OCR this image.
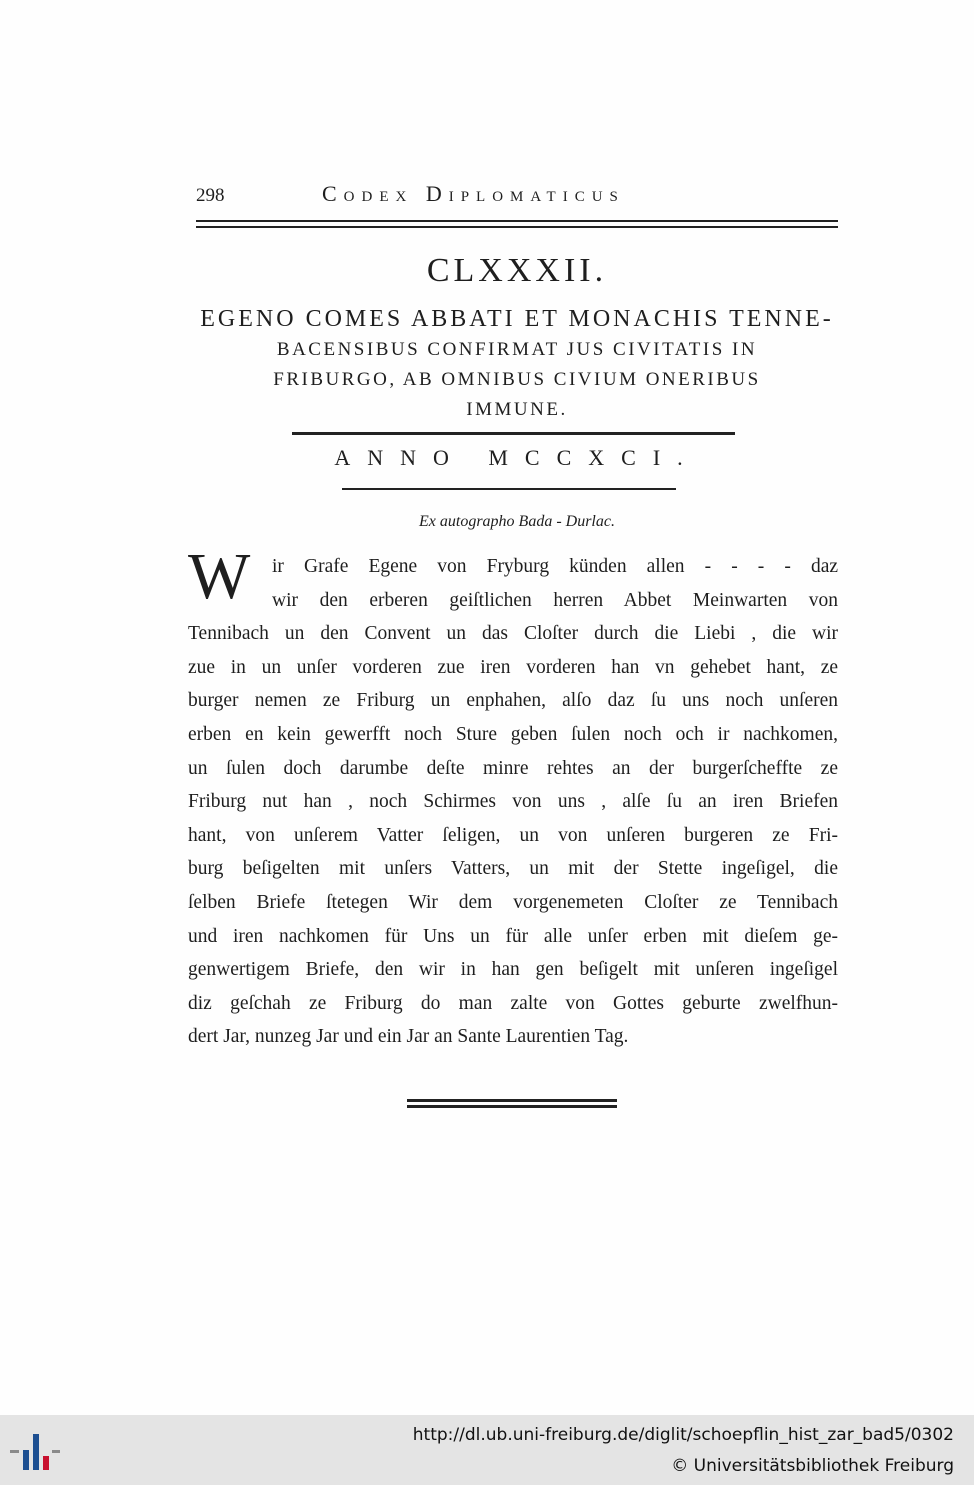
298	Codex Diplomaticus
CLXXXII.
EGENO COMES ABBATI ET MONACHIS TENNE-
BACENSIBUS CONFIRMAT JUS CIVITATIS IN
FRIBURGO, AB OMNIBUS CIVIUM ONERIBUS
IMMUNE.
ANNO MCCXCI.
Ex autographo Bada - Durlac.
W	ir Grafe Egene von Fryburg künden allen - - - - daz
wir den erberen geiſtlichen herren Abbet Meinwarten von
Tennibach un den Convent un das Cloſter durch die Liebi , die wir
zue in un unſer vorderen zue iren vorderen han vn gehebet hant, ze
burger nemen ze Friburg un enphahen, alſo daz ſu uns noch unſeren
erben en kein gewerfft noch Sture geben ſulen noch och ir nachkomen,
un ſulen doch darumbe deſte minre rehtes an der burgerſcheffte ze
Friburg nut han , noch Schirmes von uns , alſe ſu an iren Briefen
hant, von unſerem Vatter ſeligen, un von unſeren burgeren ze Fri-
burg beſigelten mit unſers Vatters, un mit der Stette ingeſigel, die
ſelben Briefe ſtetegen Wir dem vorgenemeten Cloſter ze Tennibach
und iren nachkomen für Uns un für alle unſer erben mit dieſem ge-
genwertigem Briefe, den wir in han gen beſigelt mit unſeren ingeſigel
diz geſchah ze Friburg do man zalte von Gottes geburte zwelfhun-
dert Jar, nunzeg Jar und ein Jar an Sante Laurentien Tag.
http://dl.ub.uni-freiburg.de/diglit/schoepflin_hist_zar_bad5/0302
© Universitätsbibliothek Freiburg
